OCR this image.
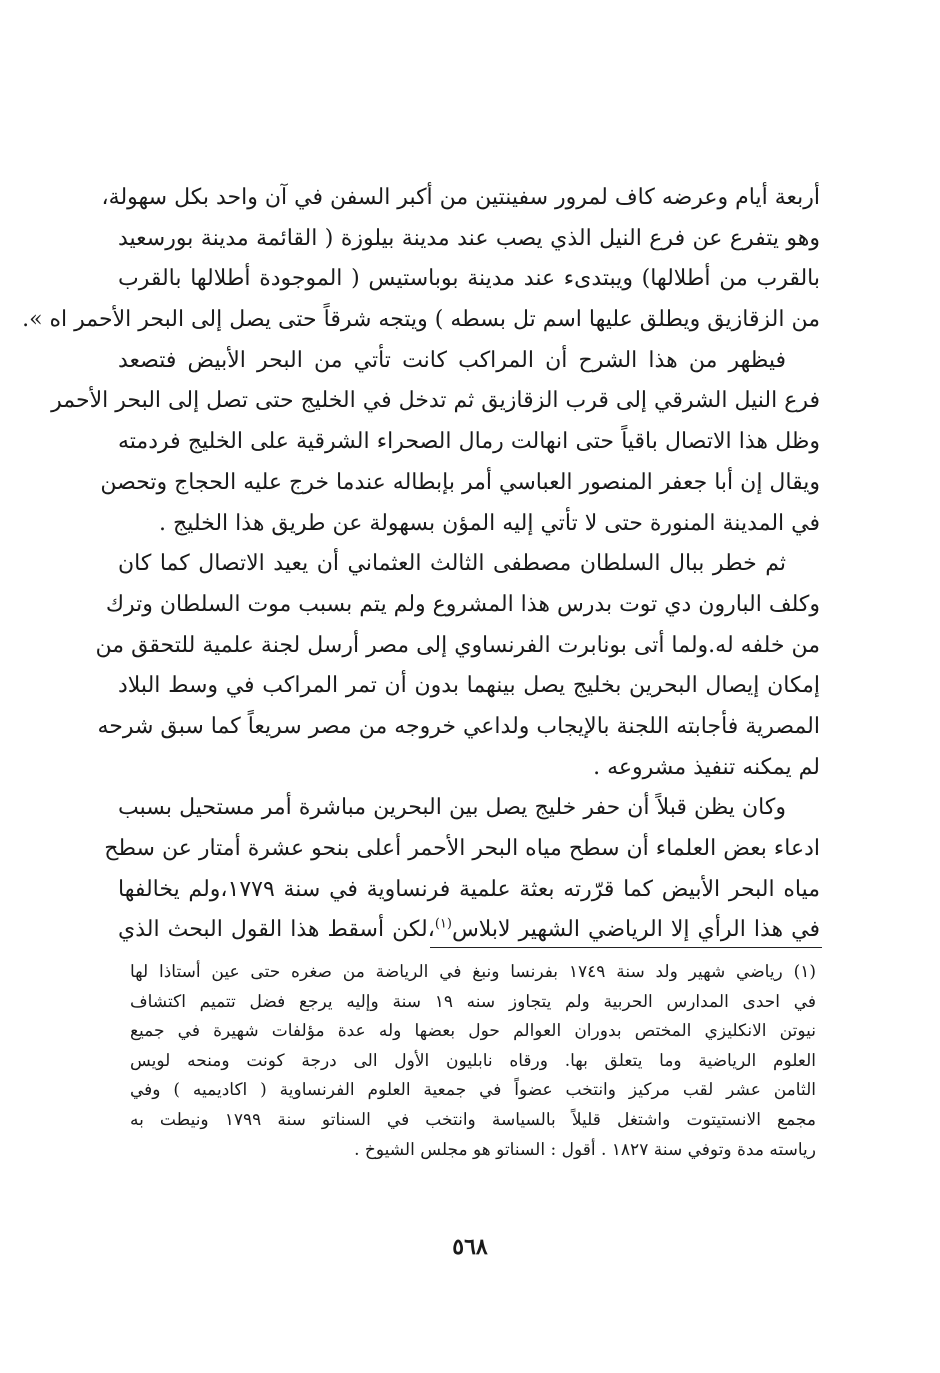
أربعة أيام وعرضه كاف لمرور سفينتين من أكبر السفن في آن واحد بكل سهولة،
وهو يتفرع عن فرع النيل الذي يصب عند مدينة بيلوزة ( القائمة مدينة بورسعيد
بالقرب من أطلالها) ويبتدىء عند مدينة بوباستيس ( الموجودة أطلالها بالقرب
من الزقازيق ويطلق عليها اسم تل بسطه ) ويتجه شرقاً حتى يصل إلى البحر الأحمر اه ».
فيظهر من هذا الشرح أن المراكب كانت تأتي من البحر الأبيض فتصعد
فرع النيل الشرقي إلى قرب الزقازيق ثم تدخل في الخليج حتى تصل إلى البحر الأحمر
وظل هذا الاتصال باقياً حتى انهالت رمال الصحراء الشرقية على الخليج فردمته
ويقال إن أبا جعفر المنصور العباسي أمر بإبطاله عندما خرج عليه الحجاج وتحصن
في المدينة المنورة حتى لا تأتي إليه المؤن بسهولة عن طريق هذا الخليج .
ثم خطر ببال السلطان مصطفى الثالث العثماني أن يعيد الاتصال كما كان
وكلف البارون دي توت بدرس هذا المشروع ولم يتم بسبب موت السلطان وترك
من خلفه له.ولما أتى بونابرت الفرنساوي إلى مصر أرسل لجنة علمية للتحقق من
إمكان إيصال البحرين بخليج يصل بينهما بدون أن تمر المراكب في وسط البلاد
المصرية فأجابته اللجنة بالإيجاب ولداعي خروجه من مصر سريعاً كما سبق شرحه
لم يمكنه تنفيذ مشروعه .
وكان يظن قبلاً أن حفر خليج يصل بين البحرين مباشرة أمر مستحيل بسبب
ادعاء بعض العلماء أن سطح مياه البحر الأحمر أعلى بنحو عشرة أمتار عن سطح
مياه البحر الأبيض كما قرّرته بعثة علمية فرنساوية في سنة ١٧٧٩،ولم يخالفها
في هذا الرأي إلا الرياضي الشهير لابلاس$^{(١)}$،لكن أسقط هذا القول البحث الذي
(١) رياضي شهير ولد سنة ١٧٤٩ بفرنسا ونبغ في الرياضة من صغره حتى عين أستاذا لها
في احدى المدارس الحربية ولم يتجاوز سنه ١٩ سنة وإليه يرجع فضل تتميم اكتشاف
نيوتن الانكليزي المختص بدوران العوالم حول بعضها وله عدة مؤلفات شهيرة في جميع
العلوم الرياضية وما يتعلق بها. ورقاه نابليون الأول الى درجة كونت ومنحه لويس
الثامن عشر لقب مركيز وانتخب عضواً في جمعية العلوم الفرنساوية ( اكاديميه ) وفي
مجمع الانستيتوت واشتغل قليلاً بالسياسة وانتخب في السناتو سنة ١٧٩٩ ونيطت به
رياسته مدة وتوفي سنة ١٨٢٧ . أقول : السناتو هو مجلس الشيوخ .
٥٦٨
